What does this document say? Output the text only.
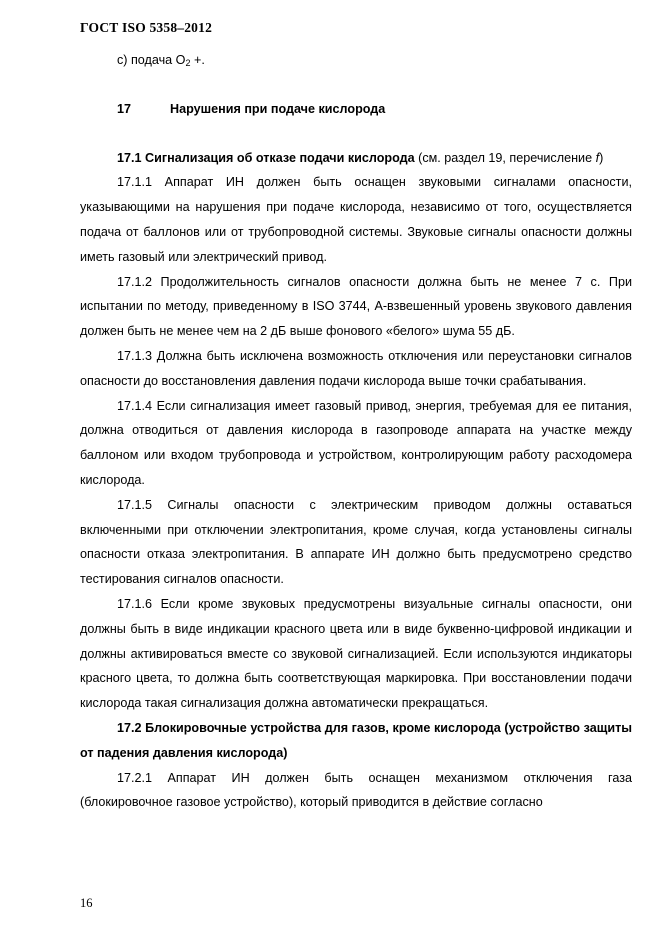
ГОСТ ISO 5358–2012

c) подача $O_2$ +.

17	Нарушения при подаче кислорода

17.1 Сигнализация об отказе подачи кислорода (см. раздел 19, перечисление f)

17.1.1 Аппарат ИН должен быть оснащен звуковыми сигналами опасности, указывающими на нарушения при подаче кислорода, независимо от того, осуществляется подача от баллонов или от трубопроводной системы. Звуковые сигналы опасности должны иметь газовый или электрический привод.

17.1.2 Продолжительность сигналов опасности должна быть не менее 7 с. При испытании по методу, приведенному в ISO 3744, А-взвешенный уровень звукового давления должен быть не менее чем на 2 дБ выше фонового «белого» шума 55 дБ.

17.1.3 Должна быть исключена возможность отключения или переустановки сигналов опасности до восстановления давления подачи кислорода выше точки срабатывания.

17.1.4 Если сигнализация имеет газовый привод, энергия, требуемая для ее питания, должна отводиться от давления кислорода в газопроводе аппарата на участке между баллоном или входом трубопровода и устройством, контролирующим работу расходомера кислорода.

17.1.5 Сигналы опасности с электрическим приводом должны оставаться включенными при отключении электропитания, кроме случая, когда установлены сигналы опасности отказа электропитания. В аппарате ИН должно быть предусмотрено средство тестирования сигналов опасности.

17.1.6 Если кроме звуковых предусмотрены визуальные сигналы опасности, они должны быть в виде индикации красного цвета или в виде буквенно-цифровой индикации и должны активироваться вместе со звуковой сигнализацией. Если используются индикаторы красного цвета, то должна быть соответствующая маркировка. При восстановлении подачи кислорода такая сигнализация должна автоматически прекращаться.

17.2 Блокировочные устройства для газов, кроме кислорода (устройство защиты от падения давления кислорода)

17.2.1 Аппарат ИН должен быть оснащен механизмом отключения газа (блокировочное газовое устройство), который приводится в действие согласно

16
